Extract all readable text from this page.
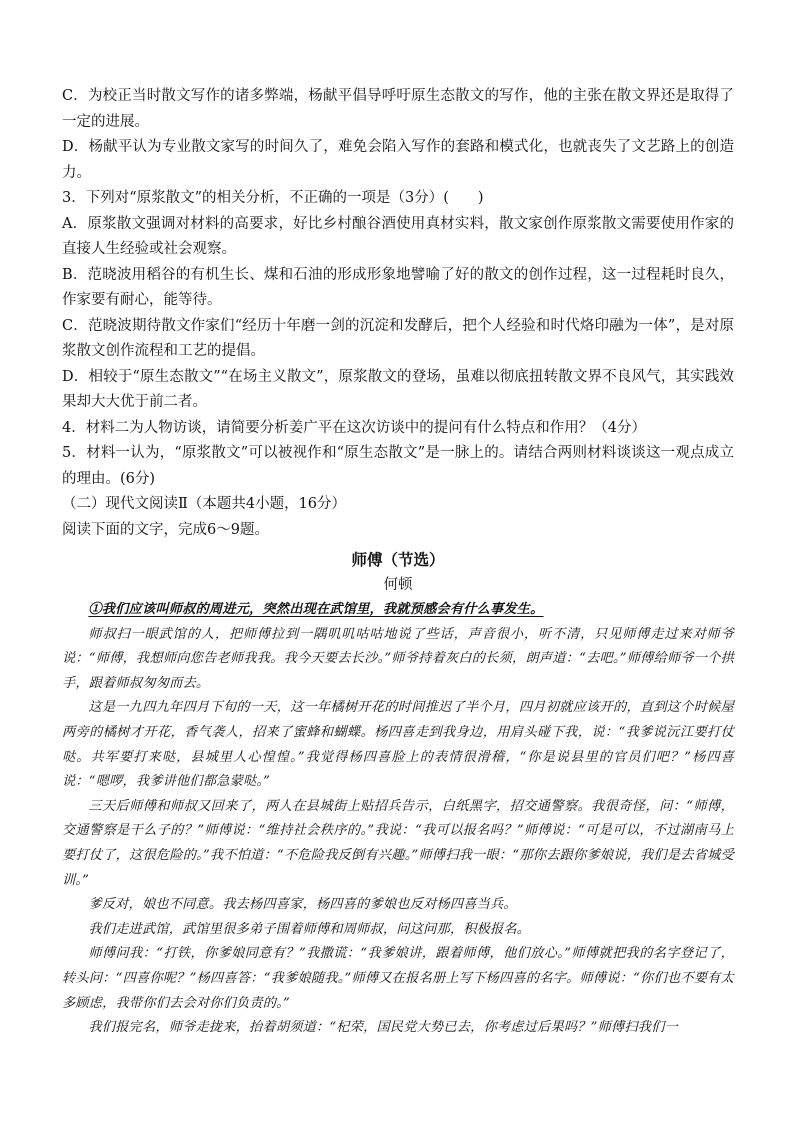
C．为校正当时散文写作的诸多弊端，杨献平倡导呼吁原生态散文的写作，他的主张在散文界还是取得了一定的进展。

D．杨献平认为专业散文家写的时间久了，难免会陷入写作的套路和模式化，也就丧失了文艺路上的创造力。

3．下列对“原浆散文”的相关分析，不正确的一项是（3分）(　　)

A．原浆散文强调对材料的高要求，好比乡村酿谷酒使用真材实料，散文家创作原浆散文需要使用作家的直接人生经验或社会观察。

B．范晓波用稻谷的有机生长、煤和石油的形成形象地譬喻了好的散文的创作过程，这一过程耗时良久，作家要有耐心，能等待。

C．范晓波期待散文作家们“经历十年磨一剑的沉淀和发酵后，把个人经验和时代烙印融为一体”，是对原浆散文创作流程和工艺的提倡。

D．相较于“原生态散文”“在场主义散文”，原浆散文的登场，虽难以彻底扭转散文界不良风气，其实践效果却大大优于前二者。

4．材料二为人物访谈，请简要分析姜广平在这次访谈中的提问有什么特点和作用？（4分）

5．材料一认为，“原浆散文”可以被视作和“原生态散文”是一脉上的。请结合两则材料谈谈这一观点成立的理由。(6分)

（二）现代文阅读Ⅱ（本题共4小题，16分）

阅读下面的文字，完成6～9题。

师傅（节选）
何顿

①我们应该叫师叔的周进元，突然出现在武馆里，我就预感会有什么事发生。

师叔扫一眼武馆的人，把师傅拉到一隅叽叽咕咕地说了些话，声音很小，听不清，只见师傅走过来对师爷说：“师傅，我想师向您告老师我我。我今天要去长沙。”师爷持着灰白的长须，朗声道：“去吧。”师傅给师爷一个拱手，跟着师叔匆匆而去。

这是一九四九年四月下旬的一天，这一年橘树开花的时间推迟了半个月，四月初就应该开的，直到这个时候屋两旁的橘树才开花，香气袭人，招来了蜜蜂和蝴蝶。杨四喜走到我身边，用肩头碰下我，说：“我爹说沅江要打仗哒。共军要打来哒，县城里人心惶惶。”我觉得杨四喜脸上的表情很滑稽，“你是说县里的官员们吧？”杨四喜说：“嗯啰，我爹讲他们都急蒙哒。”

三天后师傅和师叔又回来了，两人在县城街上贴招兵告示，白纸黑字，招交通警察。我很奇怪，问：“师傅，交通警察是干么子的？”师傅说：“维持社会秩序的。”我说：“我可以报名吗？”师傅说：“可是可以，不过湖南马上要打仗了，这很危险的。”我不怕道：“不危险我反倒有兴趣。”师傅扫我一眼：“那你去跟你爹娘说，我们是去省城受训。”

爹反对，娘也不同意。我去杨四喜家，杨四喜的爹娘也反对杨四喜当兵。

我们走进武馆，武馆里很多弟子围着师傅和周师叔，问这问那，积极报名。

师傅问我：“打铁，你爹娘同意有？”我撒谎：“我爹娘讲，跟着师傅，他们放心。”师傅就把我的名字登记了，转头问：“四喜你呢？”杨四喜答：“我爹娘随我。”师傅又在报名册上写下杨四喜的名字。师傅说：“你们也不要有太多顾虑，我带你们去会对你们负责的。”

我们报完名，师爷走拢来，抬着胡须道：“杞荣，国民党大势已去，你考虑过后果吗？”师傅扫我们一
